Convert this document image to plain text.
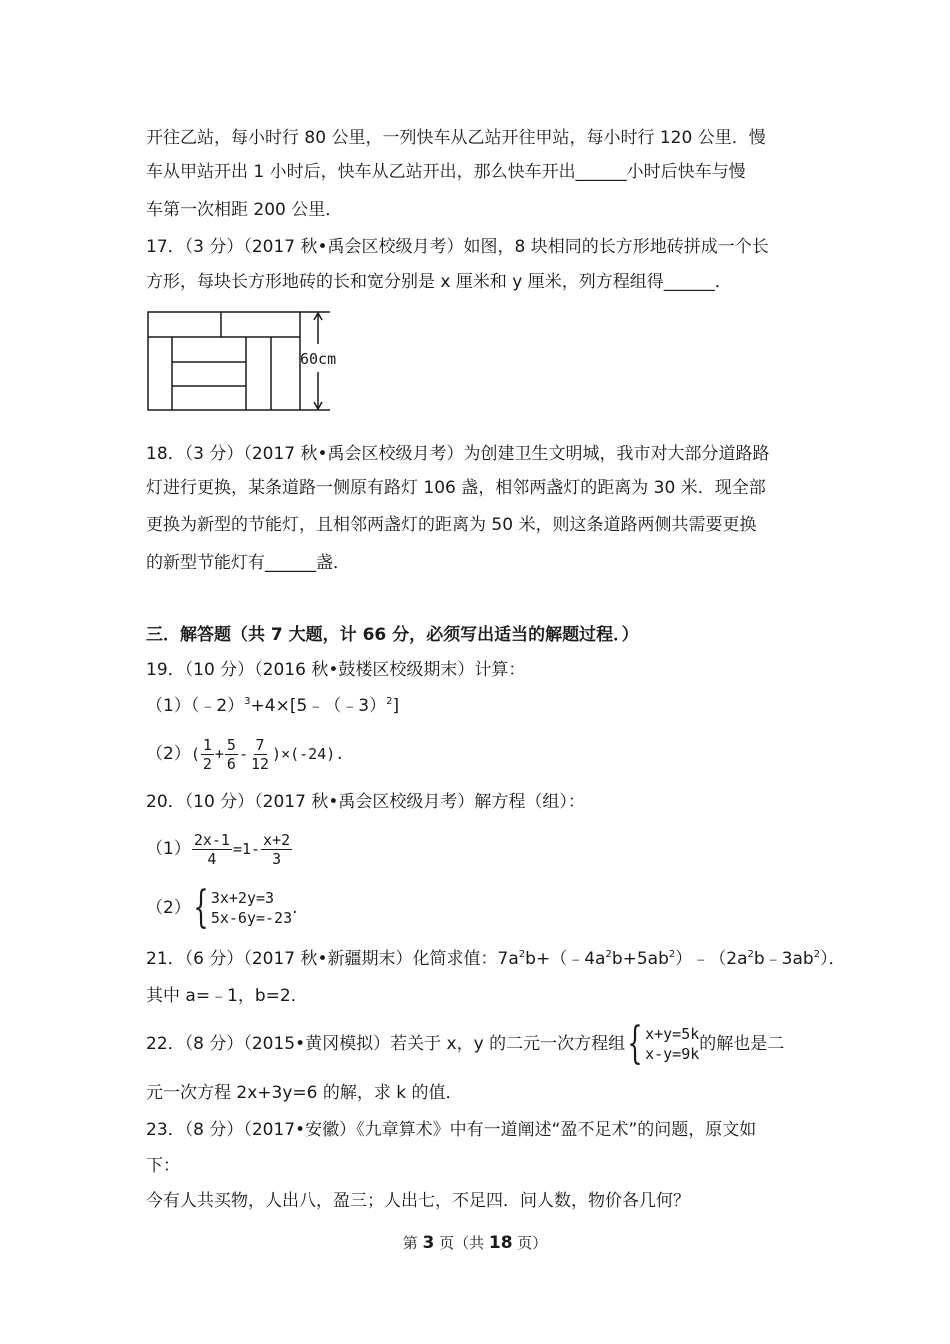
开往乙站，每小时行 80 公里，一列快车从乙站开往甲站，每小时行 120 公里．慢
车从甲站开出 1 小时后，快车从乙站开出，那么快车开出______小时后快车与慢
车第一次相距 200 公里．
17．（3 分）（2017 秋•禹会区校级月考）如图，8 块相同的长方形地砖拼成一个长
方形，每块长方形地砖的长和宽分别是 x 厘米和 y 厘米，列方程组得______．
60cm
18．（3 分）（2017 秋•禹会区校级月考）为创建卫生文明城，我市对大部分道路路
灯进行更换，某条道路一侧原有路灯 106 盏，相邻两盏灯的距离为 30 米．现全部
更换为新型的节能灯，且相邻两盏灯的距离为 50 米，则这条道路两侧共需要更换
的新型节能灯有______盏．
三．解答题（共 7 大题，计 66 分，必须写出适当的解题过程．）
19．（10 分）（2016 秋•鼓楼区校级期末）计算：
（1）（﹣2）$^3$+4×[5﹣（﹣3）$^2$]
$(2)( \frac{1}{2} + \frac{5}{6} - \frac{7}{12} )\times(-24)$.
20．（10 分）（2017 秋•禹会区校级月考）解方程（组）：
$(1) \frac{2x-1}{4} =1- \frac{x+2}{3}$
（2）{ 3x+2y=3
5x-6y=-23 .
21．（6 分）（2017 秋•新疆期末）化简求值：$7a^2b+(﹣4a^2b+5ab^2)﹣(2a^2b﹣3ab^2)$．
其中 a=﹣1，b=2．
22．（8 分）（2015•黄冈模拟）若关于 x，y 的二元一次方程组{ x+y=5k
x-y=9k 的解也是二
元一次方程 2x+3y=6 的解，求 k 的值．
23．（8 分）（2017•安徽）《九章算术》中有一道阐述“盈不足术”的问题，原文如
下：
今有人共买物，人出八，盈三；人出七，不足四．问人数，物价各几何？
第 3 页（共 18 页）
